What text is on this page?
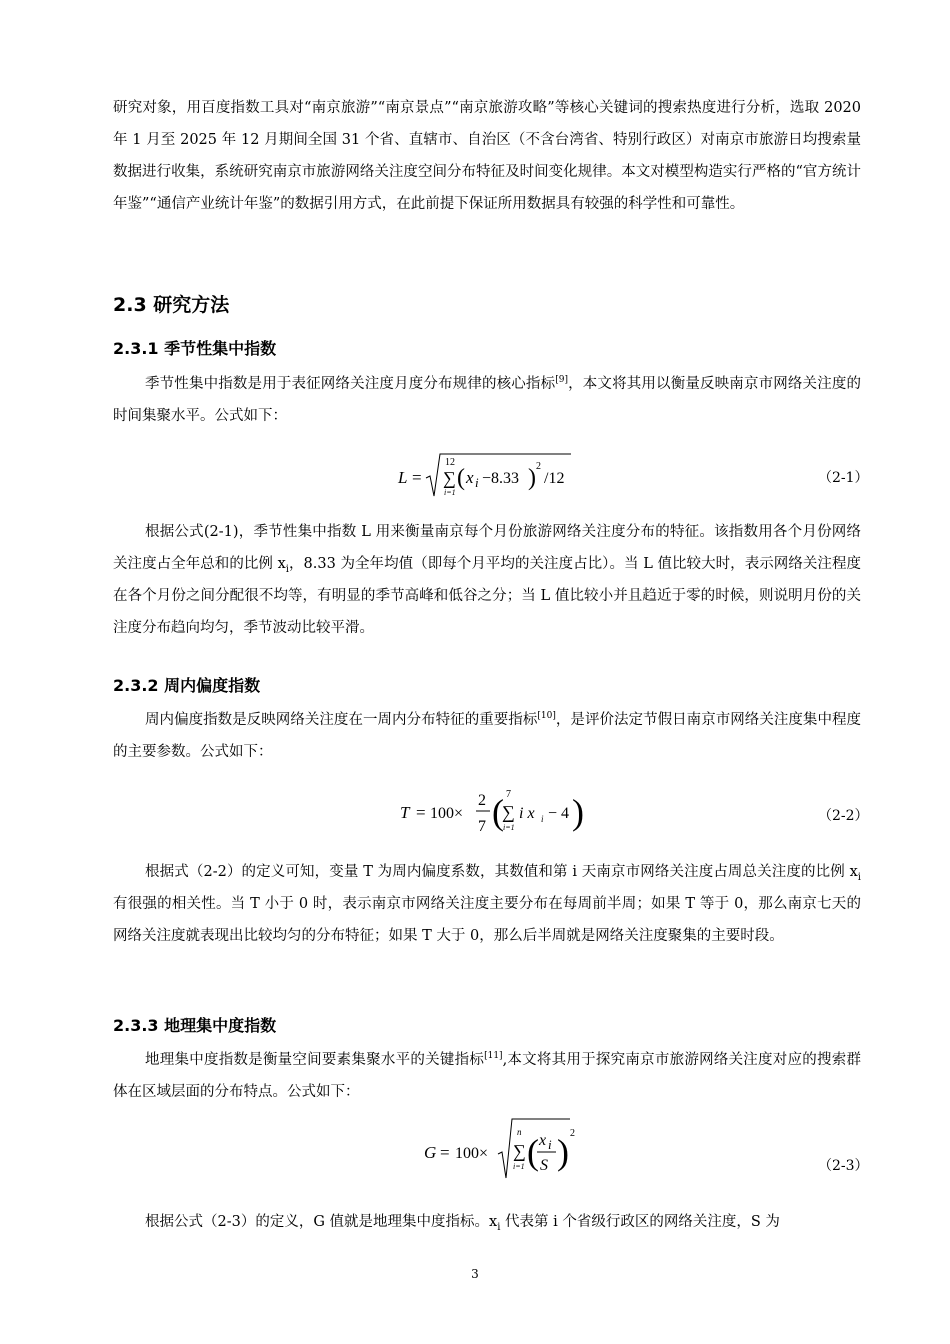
研究对象，用百度指数工具对“南京旅游”“南京景点”“南京旅游攻略”等核心关键词的搜索热度进行分析，选取 2020 年 1 月至 2025 年 12 月期间全国 31 个省、直辖市、自治区（不含台湾省、特别行政区）对南京市旅游日均搜索量数据进行收集，系统研究南京市旅游网络关注度空间分布特征及时间变化规律。本文对模型构造实行严格的“官方统计年鉴”“通信产业统计年鉴”的数据引用方式，在此前提下保证所用数据具有较强的科学性和可靠性。

2.3 研究方法
2.3.1 季节性集中指数

季节性集中指数是用于表征网络关注度月度分布规律的核心指标[9]，本文将其用以衡量反映南京市网络关注度的时间集聚水平。公式如下：

L =
12
∑
i=1
( x i −8.33 ) 2
/12	（2-1）

根据公式(2-1)，季节性集中指数 L 用来衡量南京每个月份旅游网络关注度分布的特征。该指数用各个月份网络关注度占全年总和的比例 $x_i$，8.33 为全年均值（即每个月平均的关注度占比）。当 L 值比较大时，表示网络关注程度在各个月份之间分配很不均等，有明显的季节高峰和低谷之分；当 L 值比较小并且趋近于零的时候，则说明月份的关注度分布趋向均匀，季节波动比较平滑。

2.3.2 周内偏度指数

周内偏度指数是反映网络关注度在一周内分布特征的重要指标[10]，是评价法定节假日南京市网络关注度集中程度的主要参数。公式如下：

T = 100×
2
7 ( 7
∑
i=1
i x i − 4 )	（2-2）

根据式（2-2）的定义可知，变量 T 为周内偏度系数，其数值和第 i 天南京市网络关注度占周总关注度的比例 $x_i$ 有很强的相关性。当 T 小于 0 时，表示南京市网络关注度主要分布在每周前半周；如果 T 等于 0，那么南京七天的网络关注度就表现出比较均匀的分布特征；如果 T 大于 0，那么后半周就是网络关注度聚集的主要时段。

2.3.3 地理集中度指数

地理集中度指数是衡量空间要素集聚水平的关键指标[11],本文将其用于探究南京市旅游网络关注度对应的搜索群体在区域层面的分布特点。公式如下：

G = 100×
n
∑
i=1 ( x i
S ) 2
（2-3）

根据公式（2-3）的定义，G 值就是地理集中度指标。$x_i$ 代表第 i 个省级行政区的网络关注度，S 为

3
